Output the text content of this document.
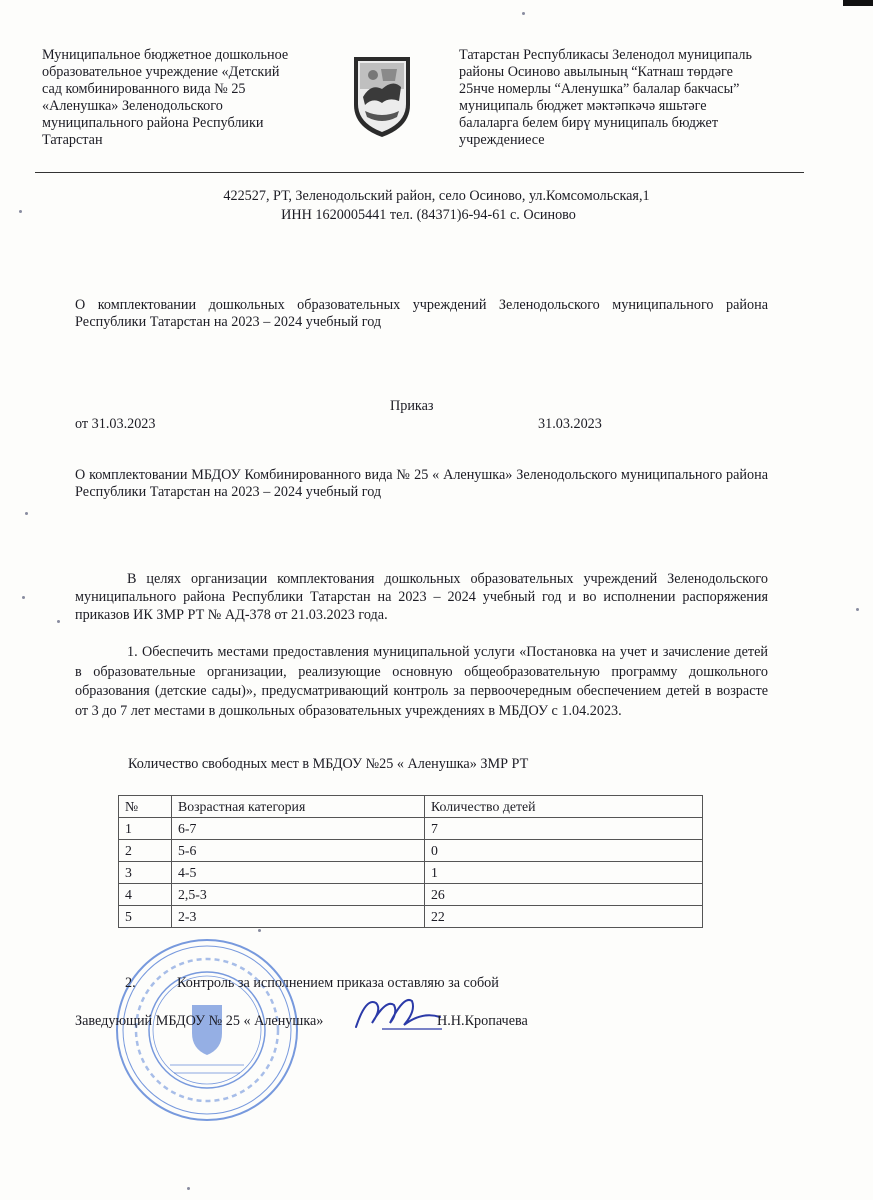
Муниципальное бюджетное дошкольное

образовательное учреждение «Детский

сад комбинированного вида № 25

«Аленушка» Зеленодольского

муниципального района Республики

Татарстан

Татарстан Республикасы Зеленодол муниципаль

районы Осиново авылының “Катнаш төрдәге

25нче номерлы “Аленушка” балалар бакчасы”

муниципаль бюджет мәктәпкәчә яшьтәге

балаларга белем бирү муниципаль бюджет

учреждениесе

422527, РТ, Зеленодольский район, село Осиново, ул.Комсомольская,1
ИНН 1620005441 тел. (84371)6-94-61 с. Осиново
О комплектовании дошкольных образовательных учреждений Зеленодольского муниципального района Республики Татарстан на 2023 – 2024 учебный год
Приказ
от 31.03.2023	31.03.2023
О комплектовании МБДОУ Комбинированного вида № 25 « Аленушка» Зеленодольского муниципального района Республики Татарстан на 2023 – 2024 учебный год
В целях организации комплектования дошкольных образовательных учреждений Зеленодольского муниципального района Республики Татарстан на 2023 – 2024 учебный год и во исполнении распоряжения приказов ИК ЗМР РТ № АД-378 от 21.03.2023 года.
1. Обеспечить местами предоставления муниципальной услуги «Постановка на учет и зачисление детей в образовательные организации, реализующие основную общеобразовательную программу дошкольного образования (детские сады)», предусматривающий контроль за первоочередным обеспечением детей в возрасте от 3 до 7 лет местами в дошкольных образовательных учреждениях в МБДОУ с 1.04.2023.
Количество свободных мест в МБДОУ №25 « Аленушка» ЗМР РТ
№	Возрастная категория	Количество детей
1	6-7	7
2	5-6	0
3	4-5	1
4	2,5-3	26
5	2-3	22
2.	Контроль за исполнением приказа оставляю за собой
Заведующий МБДОУ № 25 « Аленушка»	Н.Н.Кропачева
